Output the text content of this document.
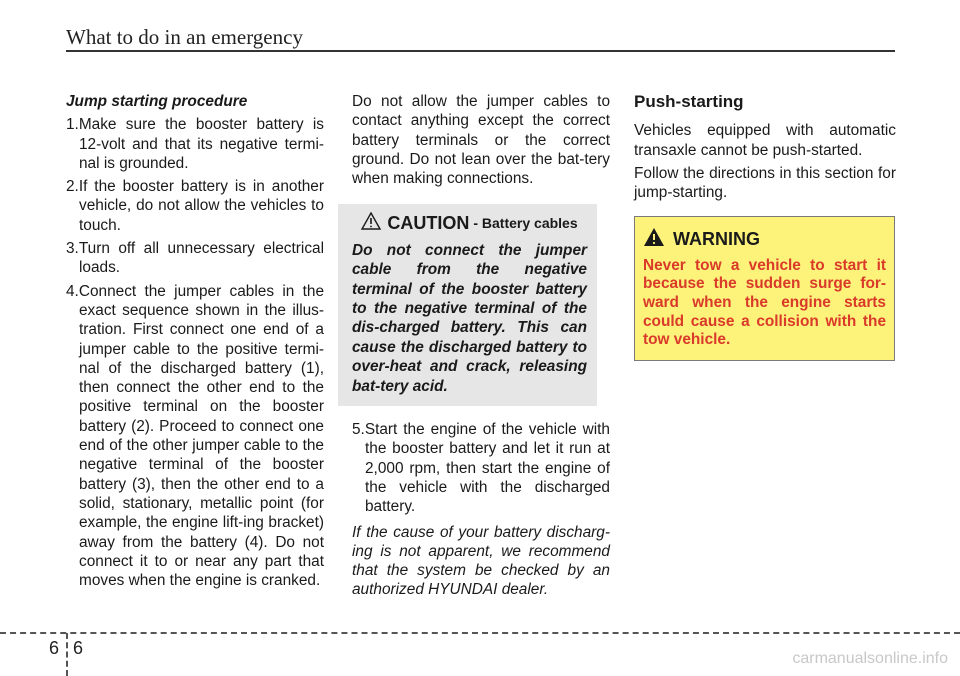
What to do in an emergency

Jump starting procedure

1.Make sure the booster battery is 12-volt and that its negative termi-nal is grounded.

2.If the booster battery is in another vehicle, do not allow the vehicles to touch.

3.Turn off all unnecessary electrical loads.

4.Connect the jumper cables in the exact sequence shown in the illus-tration. First connect one end of a jumper cable to the positive termi-nal of the discharged battery (1), then connect the other end to the positive terminal on the booster battery (2). Proceed to connect one end of the other jumper cable to the negative terminal of the booster battery (3), then the other end to a solid, stationary, metallic point (for example, the engine lift-ing bracket) away from the battery (4). Do not connect it to or near any part that moves when the engine is cranked.

Do not allow the jumper cables to contact anything except the correct battery terminals or the correct ground. Do not lean over the bat-tery when making connections.

CAUTION - Battery cables
Do not connect the jumper cable from the negative terminal of the booster battery to the negative terminal of the dis-charged battery. This can cause the discharged battery to over-heat and crack, releasing bat-tery acid.

5.Start the engine of the vehicle with the booster battery and let it run at 2,000 rpm, then start the engine of the vehicle with the discharged battery.

If the cause of your battery discharg-ing is not apparent, we recommend that the system be checked by an authorized HYUNDAI dealer.

Push-starting

Vehicles equipped with automatic transaxle cannot be push-started.

Follow the directions in this section for jump-starting.

WARNING
Never tow a vehicle to start it because the sudden surge for-ward when the engine starts could cause a collision with the tow vehicle.
6 6
carmanualsonline.info
